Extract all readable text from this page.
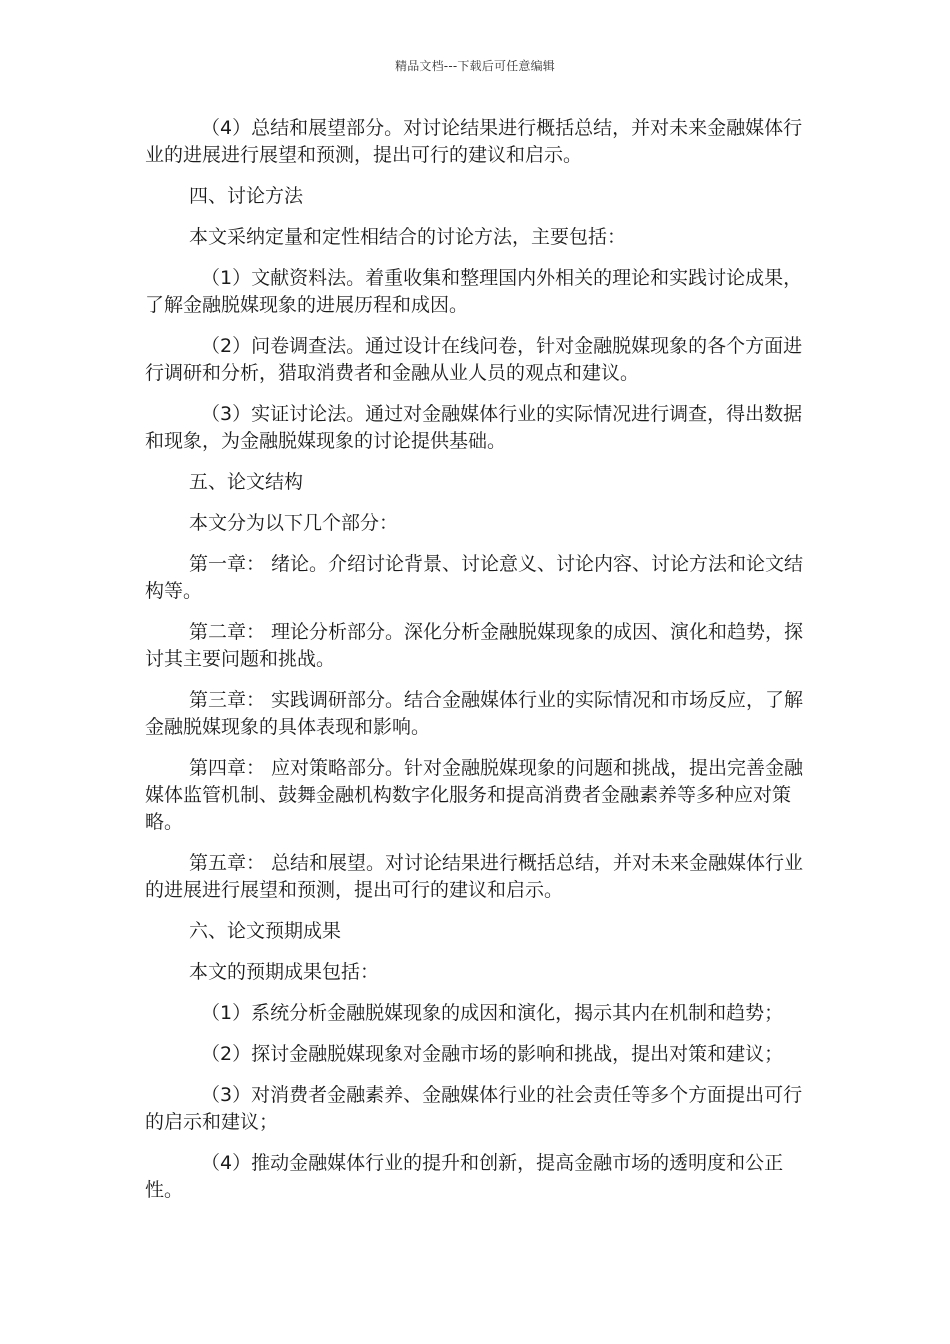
精品文档---下载后可任意编辑

（4）总结和展望部分。对讨论结果进行概括总结，并对未来金融媒体行业的进展进行展望和预测，提出可行的建议和启示。

四、讨论方法

本文采纳定量和定性相结合的讨论方法，主要包括：

（1）文献资料法。着重收集和整理国内外相关的理论和实践讨论成果，了解金融脱媒现象的进展历程和成因。

（2）问卷调查法。通过设计在线问卷，针对金融脱媒现象的各个方面进行调研和分析，猎取消费者和金融从业人员的观点和建议。

（3）实证讨论法。通过对金融媒体行业的实际情况进行调查，得出数据和现象，为金融脱媒现象的讨论提供基础。

五、论文结构

本文分为以下几个部分：

第一章： 绪论。介绍讨论背景、讨论意义、讨论内容、讨论方法和论文结构等。

第二章： 理论分析部分。深化分析金融脱媒现象的成因、演化和趋势，探讨其主要问题和挑战。

第三章： 实践调研部分。结合金融媒体行业的实际情况和市场反应，了解金融脱媒现象的具体表现和影响。

第四章： 应对策略部分。针对金融脱媒现象的问题和挑战，提出完善金融媒体监管机制、鼓舞金融机构数字化服务和提高消费者金融素养等多种应对策略。

第五章： 总结和展望。对讨论结果进行概括总结，并对未来金融媒体行业的进展进行展望和预测，提出可行的建议和启示。

六、论文预期成果

本文的预期成果包括：

（1）系统分析金融脱媒现象的成因和演化，揭示其内在机制和趋势；

（2）探讨金融脱媒现象对金融市场的影响和挑战，提出对策和建议；

（3）对消费者金融素养、金融媒体行业的社会责任等多个方面提出可行的启示和建议；

（4）推动金融媒体行业的提升和创新，提高金融市场的透明度和公正性。
